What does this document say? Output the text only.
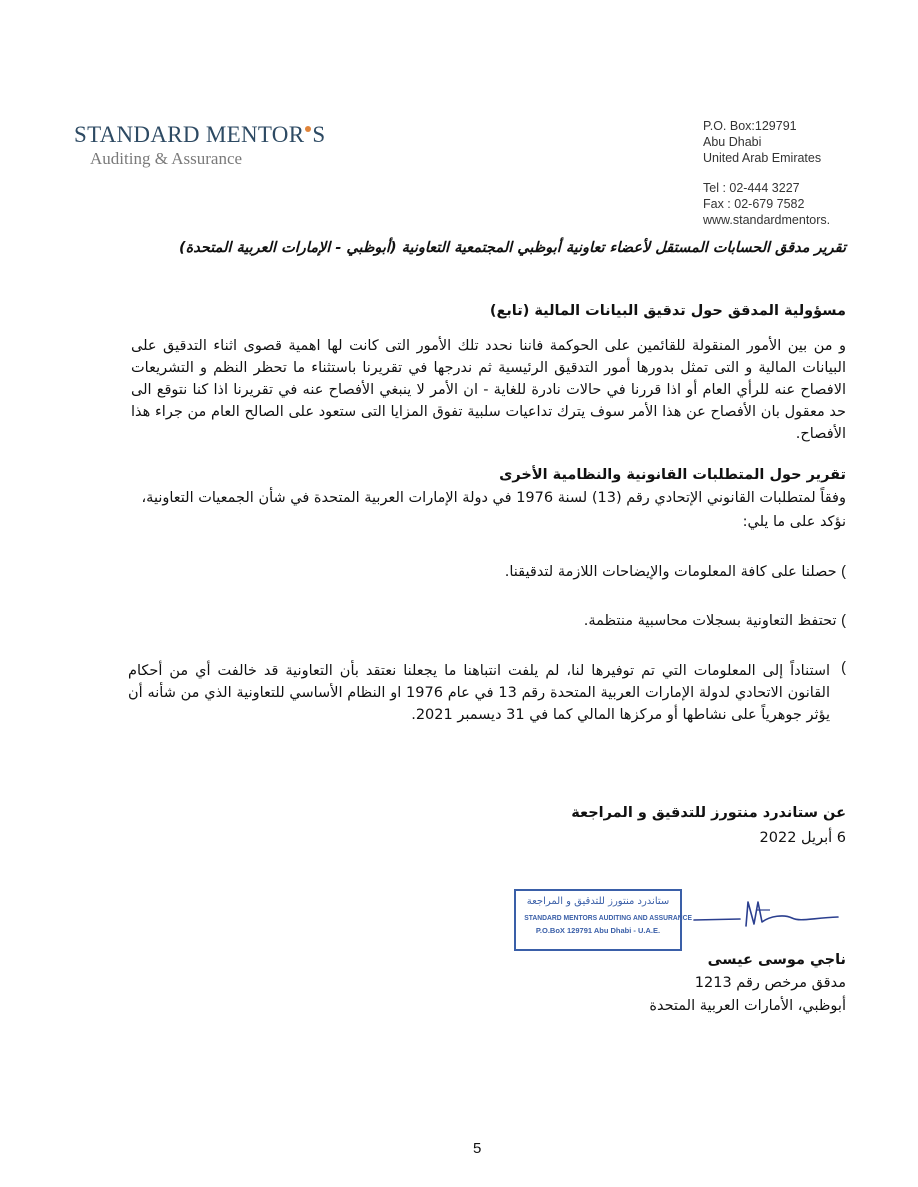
STANDARD MENTOR S
Auditing & Assurance
P.O. Box:129791
Abu Dhabi
United Arab Emirates
Tel : 02-444 3227
Fax : 02-679 7582
www.standardmentors.
تقرير مدقق الحسابات المستقل لأعضاء تعاونية أبوظبي المجتمعية التعاونية (أبوظبي - الإمارات العربية المتحدة)
مسؤولية المدقق حول تدقيق البيانات المالية (تابع)
و من بين الأمور المنقولة للقائمين على الحوكمة فاننا نحدد تلك الأمور التى كانت لها اهمية قصوى اثناء التدقيق على البيانات المالية و التى تمثل بدورها أمور التدقيق الرئيسية ثم ندرجها في تقريرنا باستثناء ما تحظر النظم و التشريعات الافصاح عنه للرأي العام أو اذا قررنا في حالات نادرة للغاية - ان الأمر لا ينبغي الأفصاح عنه في تقريرنا اذا كنا نتوقع الى حد معقول بان الأفصاح عن هذا الأمر سوف يترك تداعيات سلبية تفوق المزايا التى ستعود على الصالح العام من جراء هذا الأفصاح.
تقرير حول المتطلبات القانونية والنظامية الأخرى
وفقاً لمتطلبات القانوني الإتحادي رقم (13) لسنة 1976 في دولة الإمارات العربية المتحدة في شأن الجمعيات التعاونية،
نؤكد على ما يلي:
) حصلنا على كافة المعلومات والإيضاحات اللازمة لتدقيقنا.
) تحتفظ التعاونية بسجلات محاسبية منتظمة.
)
استناداً إلى المعلومات التي تم توفيرها لنا، لم يلفت انتباهنا ما يجعلنا نعتقد بأن التعاونية قد خالفت أي من أحكام القانون الاتحادي لدولة الإمارات العربية المتحدة رقم 13 في عام 1976 او النظام الأساسي للتعاونية الذي من شأنه أن يؤثر جوهرياً على نشاطها أو مركزها المالي كما في 31 ديسمبر 2021.
عن ستاندرد منتورز للتدقيق و المراجعة
6 أبريل 2022
ستاندرد منتورز للتدقيق و المراجعة
STANDARD MENTORS AUDITING AND ASSURANCE
P.O.BoX 129791 Abu Dhabi - U.A.E.
ناجي موسى عيسى
مدقق مرخص رقم 1213
أبوظبي، الأمارات العربية المتحدة
5
